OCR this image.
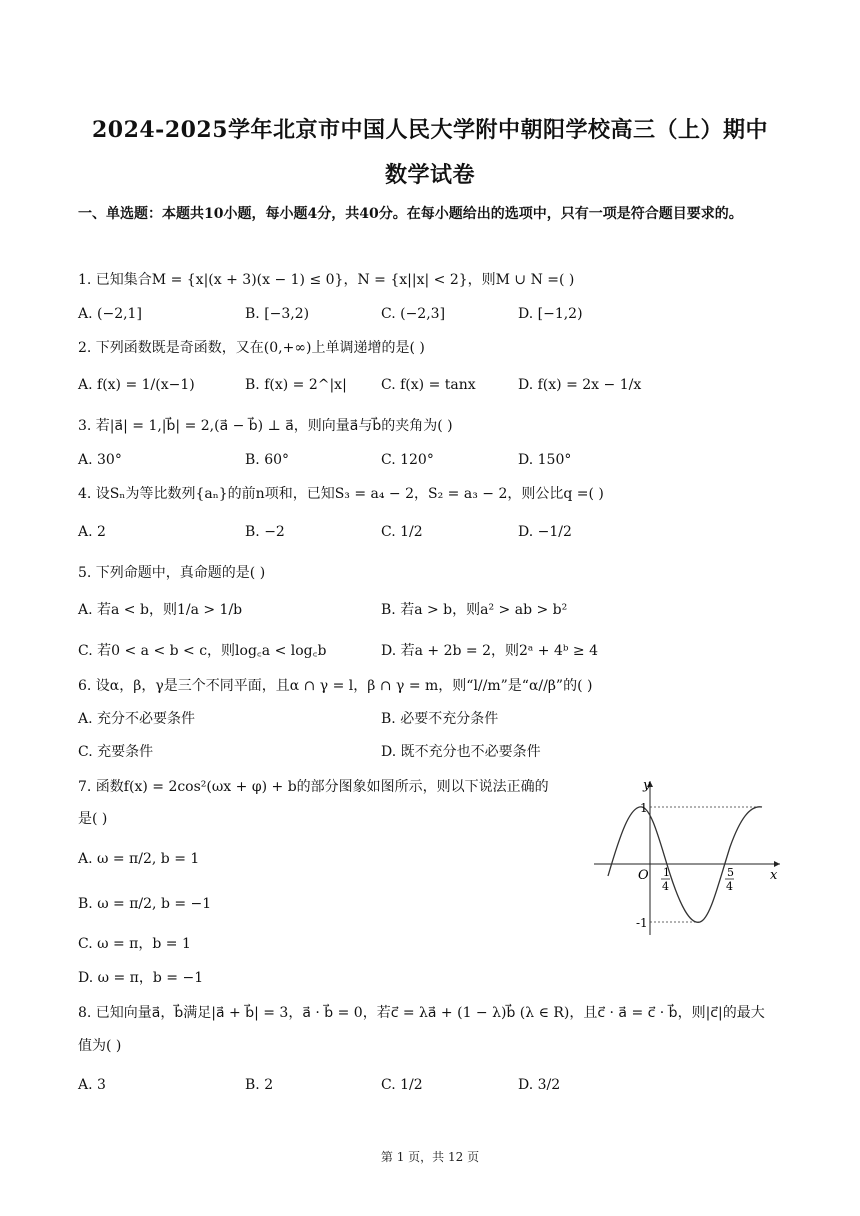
2024-2025学年北京市中国人民大学附中朝阳学校高三（上）期中
数学试卷
一、单选题：本题共10小题，每小题4分，共40分。在每小题给出的选项中，只有一项是符合题目要求的。
1. 已知集合M = {x|(x + 3)(x − 1) ≤ 0}，N = {x||x| < 2}，则M ∪ N =( )
A. (−2,1]	B. [−3,2)	C. (−2,3]	D. [−1,2)
2. 下列函数既是奇函数，又在(0,+∞)上单调递增的是( )
A. f(x) = 1/(x−1)	B. f(x) = 2^|x| C. f(x) = tanx	D. f(x) = 2x − 1/x
3. 若|a⃗| = 1,|b⃗| = 2,(a⃗ − b⃗) ⊥ a⃗，则向量a⃗与b⃗的夹角为( )
A. 30°	B. 60°	C. 120°	D. 150°
4. 设Sₙ为等比数列{aₙ}的前n项和，已知S₃ = a₄ − 2，S₂ = a₃ − 2，则公比q =( )
A. 2	B. −2	C. 1/2	D. −1/2
5. 下列命题中，真命题的是( )
A. 若a < b，则1/a > 1/b	B. 若a > b，则a² > ab > b²
C. 若0 < a < b < c，则log꜀a < log꜀b	D. 若a + 2b = 2，则2ᵃ + 4ᵇ ≥ 4
6. 设α，β，γ是三个不同平面，且α ∩ γ = l，β ∩ γ = m，则“l//m”是“α//β”的( )
A. 充分不必要条件	B. 必要不充分条件
C. 充要条件	D. 既不充分也不必要条件
7. 函数f(x) = 2cos²(ωx + φ) + b的部分图象如图所示，则以下说法正确的
是( )
A. ω = π/2, b = 1
B. ω = π/2, b = −1
C. ω = π，b = 1
D. ω = π，b = −1
y
x
O
1
-1
1
4
5
4
8. 已知向量a⃗，b⃗满足|a⃗ + b⃗| = 3，a⃗ · b⃗ = 0，若c⃗ = λa⃗ + (1 − λ)b⃗ (λ ∈ R)，且c⃗ · a⃗ = c⃗ · b⃗，则|c⃗|的最大
值为( )
A. 3	B. 2	C. 1/2	D. 3/2
第 1 页，共 12 页
